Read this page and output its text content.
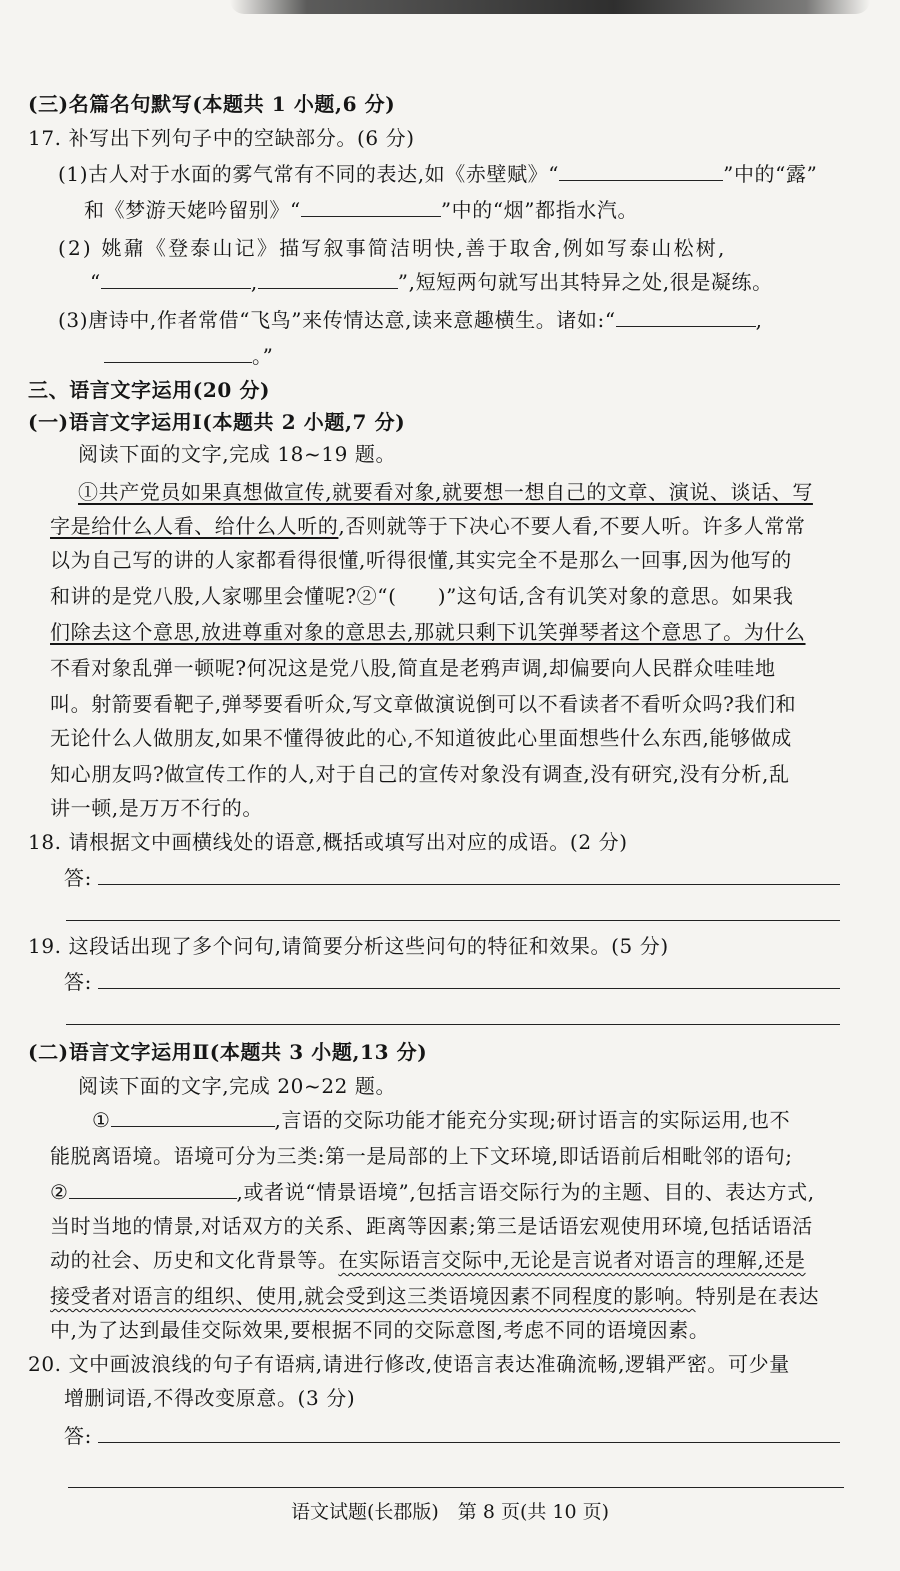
(三)名篇名句默写(本题共 1 小题,6 分)
17. 补写出下列句子中的空缺部分。(6 分)
(1)古人对于水面的雾气常有不同的表达,如《赤壁赋》“	”中的“露”
和《梦游天姥吟留别》“	”中的“烟”都指水汽。
(2) 姚鼐《登泰山记》描写叙事简洁明快,善于取舍,例如写泰山松树,
“	,	”,短短两句就写出其特异之处,很是凝练。
(3)唐诗中,作者常借“飞鸟”来传情达意,读来意趣横生。诸如:“	,
。”
三、语言文字运用(20 分)
(一)语言文字运用Ⅰ(本题共 2 小题,7 分)
阅读下面的文字,完成 18~19 题。
①共产党员如果真想做宣传,就要看对象,就要想一想自己的文章、演说、谈话、写
字是给什么人看、给什么人听的,否则就等于下决心不要人看,不要人听。许多人常常
以为自己写的讲的人家都看得很懂,听得很懂,其实完全不是那么一回事,因为他写的
和讲的是党八股,人家哪里会懂呢?②“(　　)”这句话,含有讥笑对象的意思。如果我
们除去这个意思,放进尊重对象的意思去,那就只剩下讥笑弹琴者这个意思了。为什么
不看对象乱弹一顿呢?何况这是党八股,简直是老鸦声调,却偏要向人民群众哇哇地
叫。射箭要看靶子,弹琴要看听众,写文章做演说倒可以不看读者不看听众吗?我们和
无论什么人做朋友,如果不懂得彼此的心,不知道彼此心里面想些什么东西,能够做成
知心朋友吗?做宣传工作的人,对于自己的宣传对象没有调查,没有研究,没有分析,乱
讲一顿,是万万不行的。
18. 请根据文中画横线处的语意,概括或填写出对应的成语。(2 分)
答:
19. 这段话出现了多个问句,请简要分析这些问句的特征和效果。(5 分)
答:
(二)语言文字运用Ⅱ(本题共 3 小题,13 分)
阅读下面的文字,完成 20~22 题。
①	,言语的交际功能才能充分实现;研讨语言的实际运用,也不
能脱离语境。语境可分为三类:第一是局部的上下文环境,即话语前后相毗邻的语句;
②	,或者说“情景语境”,包括言语交际行为的主题、目的、表达方式,
当时当地的情景,对话双方的关系、距离等因素;第三是话语宏观使用环境,包括话语活
动的社会、历史和文化背景等。在实际语言交际中,无论是言说者对语言的理解,还是
接受者对语言的组织、使用,就会受到这三类语境因素不同程度的影响。特别是在表达
中,为了达到最佳交际效果,要根据不同的交际意图,考虑不同的语境因素。
20. 文中画波浪线的句子有语病,请进行修改,使语言表达准确流畅,逻辑严密。可少量
增删词语,不得改变原意。(3 分)
答:
语文试题(长郡版)　第 8 页(共 10 页)
